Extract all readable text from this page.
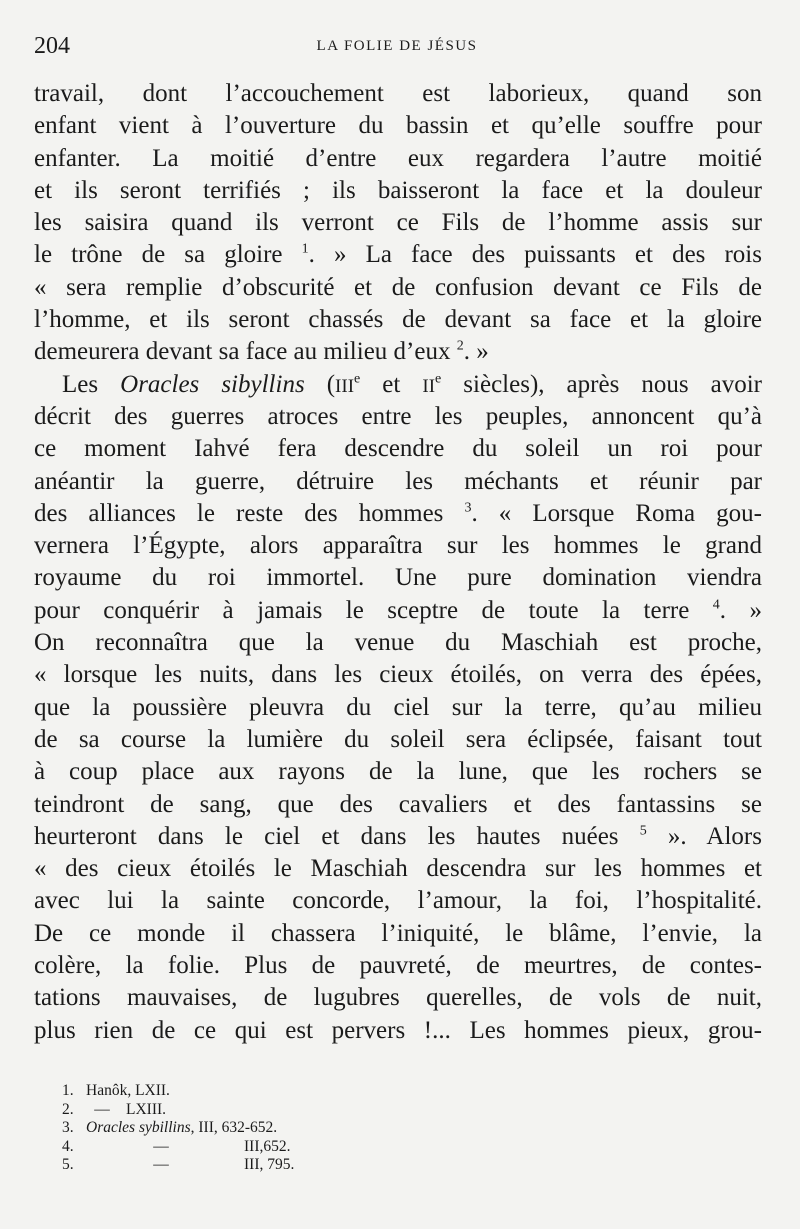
204	LA FOLIE DE JÉSUS
travail, dont l’accouchement est laborieux, quand son
enfant vient à l’ouverture du bassin et qu’elle souffre pour
enfanter. La moitié d’entre eux regardera l’autre moitié
et ils seront terrifiés ; ils baisseront la face et la douleur
les saisira quand ils verront ce Fils de l’homme assis sur
le trône de sa gloire $^1$. » La face des puissants et des rois
« sera remplie d’obscurité et de confusion devant ce Fils de
l’homme, et ils seront chassés de devant sa face et la gloire
demeurera devant sa face au milieu d’eux $^2$. »
Les Oracles sibyllins (IIIe et IIe siècles), après nous avoir
décrit des guerres atroces entre les peuples, annoncent qu’à
ce moment Iahvé fera descendre du soleil un roi pour
anéantir la guerre, détruire les méchants et réunir par
des alliances le reste des hommes $^3$. « Lorsque Roma gou-
vernera l’Égypte, alors apparaîtra sur les hommes le grand
royaume du roi immortel. Une pure domination viendra
pour conquérir à jamais le sceptre de toute la terre $^4$. »
On reconnaîtra que la venue du Maschiah est proche,
« lorsque les nuits, dans les cieux étoilés, on verra des épées,
que la poussière pleuvra du ciel sur la terre, qu’au milieu
de sa course la lumière du soleil sera éclipsée, faisant tout
à coup place aux rayons de la lune, que les rochers se
teindront de sang, que des cavaliers et des fantassins se
heurteront dans le ciel et dans les hautes nuées $^5$ ». Alors
« des cieux étoilés le Maschiah descendra sur les hommes et
avec lui la sainte concorde, l’amour, la foi, l’hospitalité.
De ce monde il chassera l’iniquité, le blâme, l’envie, la
colère, la folie. Plus de pauvreté, de meurtres, de contes-
tations mauvaises, de lugubres querelles, de vols de nuit,
plus rien de ce qui est pervers !... Les hommes pieux, grou-
1. Hanôk, LXII.
2. — LXIII.
3. Oracles sybillins, III, 632-652.
4.	—	III,652.
5.	—	III, 795.
